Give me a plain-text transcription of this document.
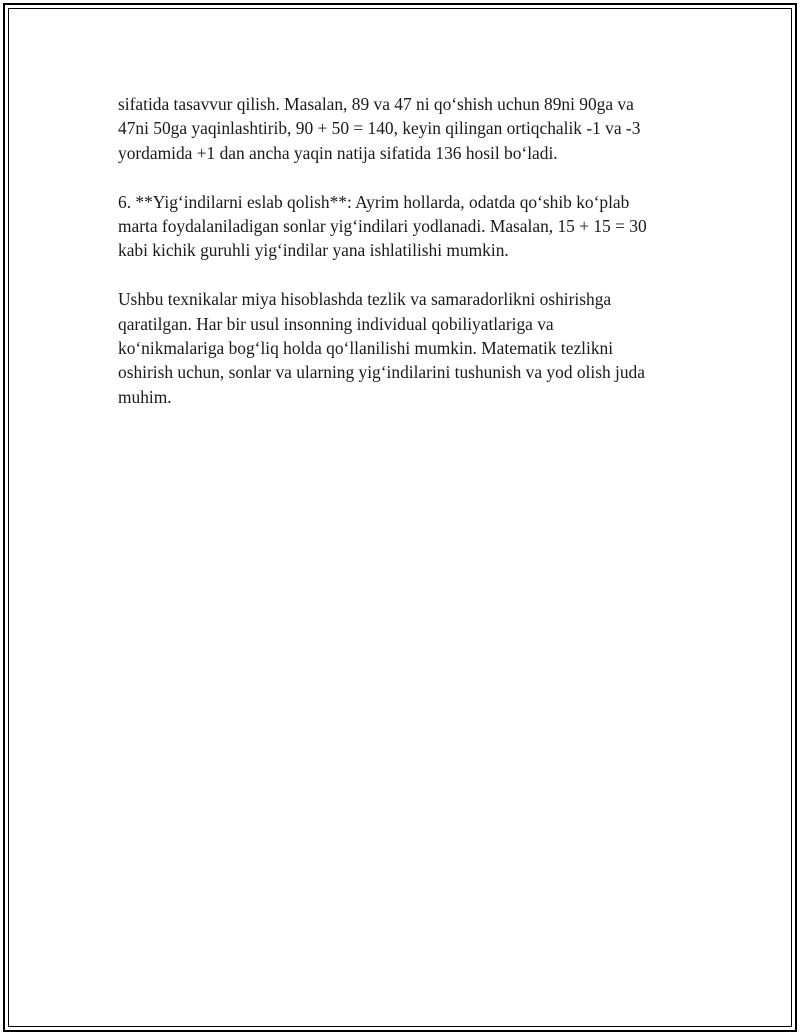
sifatida tasavvur qilish. Masalan, 89 va 47 ni qo‘shish uchun 89ni 90ga va
47ni 50ga yaqinlashtirib, 90 + 50 = 140, keyin qilingan ortiqchalik -1 va -3
yordamida +1 dan ancha yaqin natija sifatida 136 hosil bo‘ladi.

6. **Yig‘indilarni eslab qolish**: Ayrim hollarda, odatda qo‘shib ko‘plab
marta foydalaniladigan sonlar yig‘indilari yodlanadi. Masalan, 15 + 15 = 30
kabi kichik guruhli yig‘indilar yana ishlatilishi mumkin.

Ushbu texnikalar miya hisoblashda tezlik va samaradorlikni oshirishga
qaratilgan. Har bir usul insonning individual qobiliyatlariga va
ko‘nikmalariga bog‘liq holda qo‘llanilishi mumkin. Matematik tezlikni
oshirish uchun, sonlar va ularning yig‘indilarini tushunish va yod olish juda
muhim.
